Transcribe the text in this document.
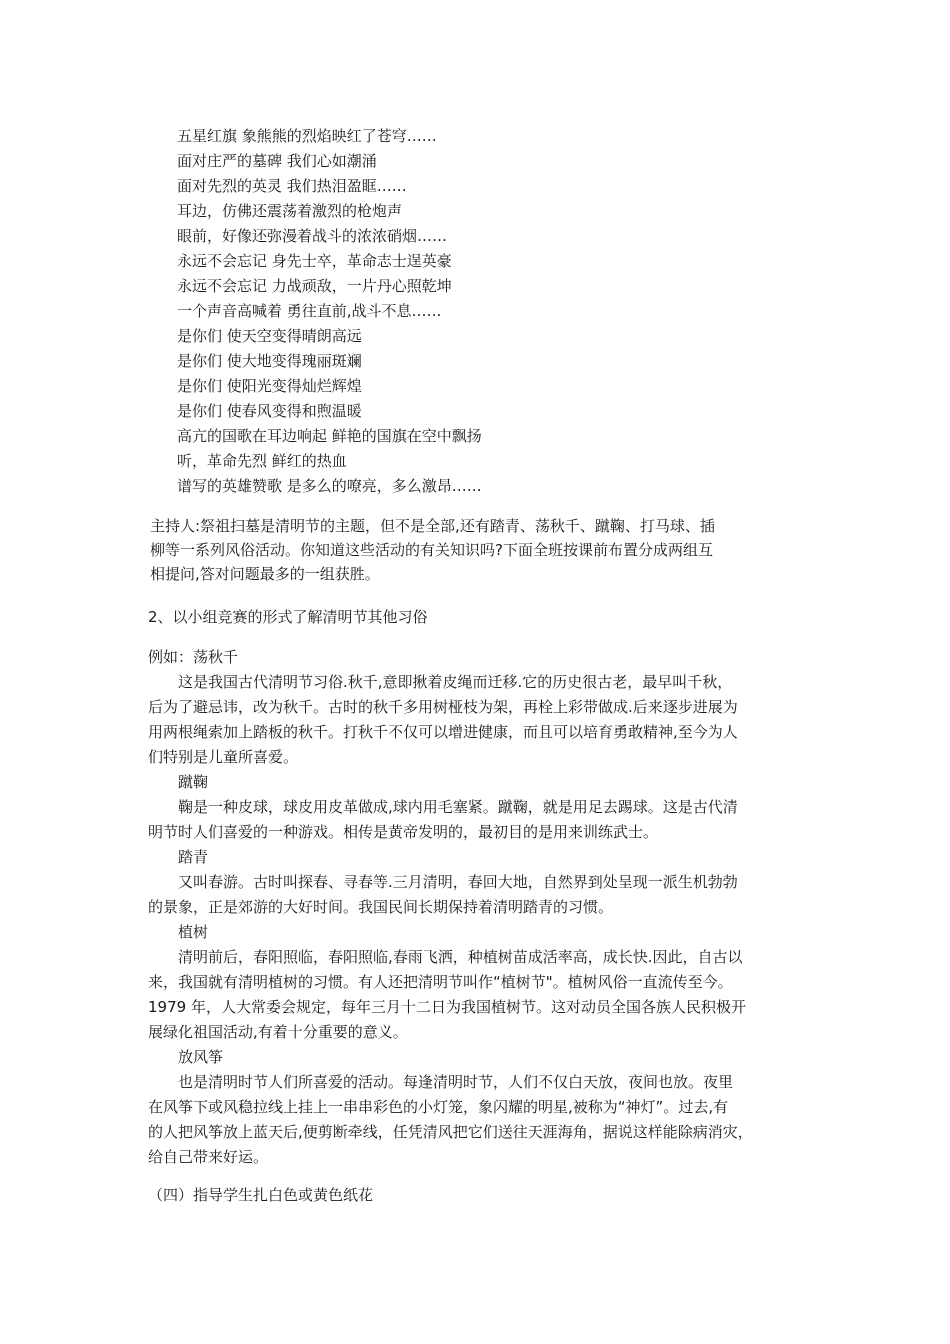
五星红旗 象熊熊的烈焰映红了苍穹……
面对庄严的墓碑 我们心如潮涌
面对先烈的英灵 我们热泪盈眶……
耳边，仿佛还震荡着激烈的枪炮声
眼前，好像还弥漫着战斗的浓浓硝烟……
永远不会忘记 身先士卒，革命志士逞英豪
永远不会忘记 力战顽敌，一片丹心照乾坤
一个声音高喊着 勇往直前,战斗不息……
是你们 使天空变得晴朗高远
是你们 使大地变得瑰丽斑斓
是你们 使阳光变得灿烂辉煌
是你们 使春风变得和煦温暖
高亢的国歌在耳边响起 鲜艳的国旗在空中飘扬
听，革命先烈 鲜红的热血
谱写的英雄赞歌 是多么的嘹亮，多么激昂……
主持人:祭祖扫墓是清明节的主题，但不是全部,还有踏青、荡秋千、蹴鞠、打马球、插
柳等一系列风俗活动。你知道这些活动的有关知识吗?下面全班按课前布置分成两组互
相提问,答对问题最多的一组获胜。
2、以小组竞赛的形式了解清明节其他习俗
例如：荡秋千
这是我国古代清明节习俗.秋千,意即揪着皮绳而迁移.它的历史很古老，最早叫千秋，
后为了避忌讳，改为秋千。古时的秋千多用树桠枝为架，再栓上彩带做成.后来逐步进展为
用两根绳索加上踏板的秋千。打秋千不仅可以增进健康，而且可以培育勇敢精神,至今为人
们特别是儿童所喜爱。
蹴鞠
鞠是一种皮球，球皮用皮革做成,球内用毛塞紧。蹴鞠，就是用足去踢球。这是古代清
明节时人们喜爱的一种游戏。相传是黄帝发明的，最初目的是用来训练武士。
踏青
又叫春游。古时叫探春、寻春等.三月清明，春回大地，自然界到处呈现一派生机勃勃
的景象，正是郊游的大好时间。我国民间长期保持着清明踏青的习惯。
植树
清明前后，春阳照临，春阳照临,春雨飞洒，种植树苗成活率高，成长快.因此，自古以
来，我国就有清明植树的习惯。有人还把清明节叫作“植树节"。植树风俗一直流传至今。
1979 年，人大常委会规定，每年三月十二日为我国植树节。这对动员全国各族人民积极开
展绿化祖国活动,有着十分重要的意义。
放风筝
也是清明时节人们所喜爱的活动。每逢清明时节，人们不仅白天放，夜间也放。夜里
在风筝下或风稳拉线上挂上一串串彩色的小灯笼，象闪耀的明星,被称为“神灯”。过去,有
的人把风筝放上蓝天后,便剪断牵线，任凭清风把它们送往天涯海角，据说这样能除病消灾，
给自己带来好运。
（四）指导学生扎白色或黄色纸花
